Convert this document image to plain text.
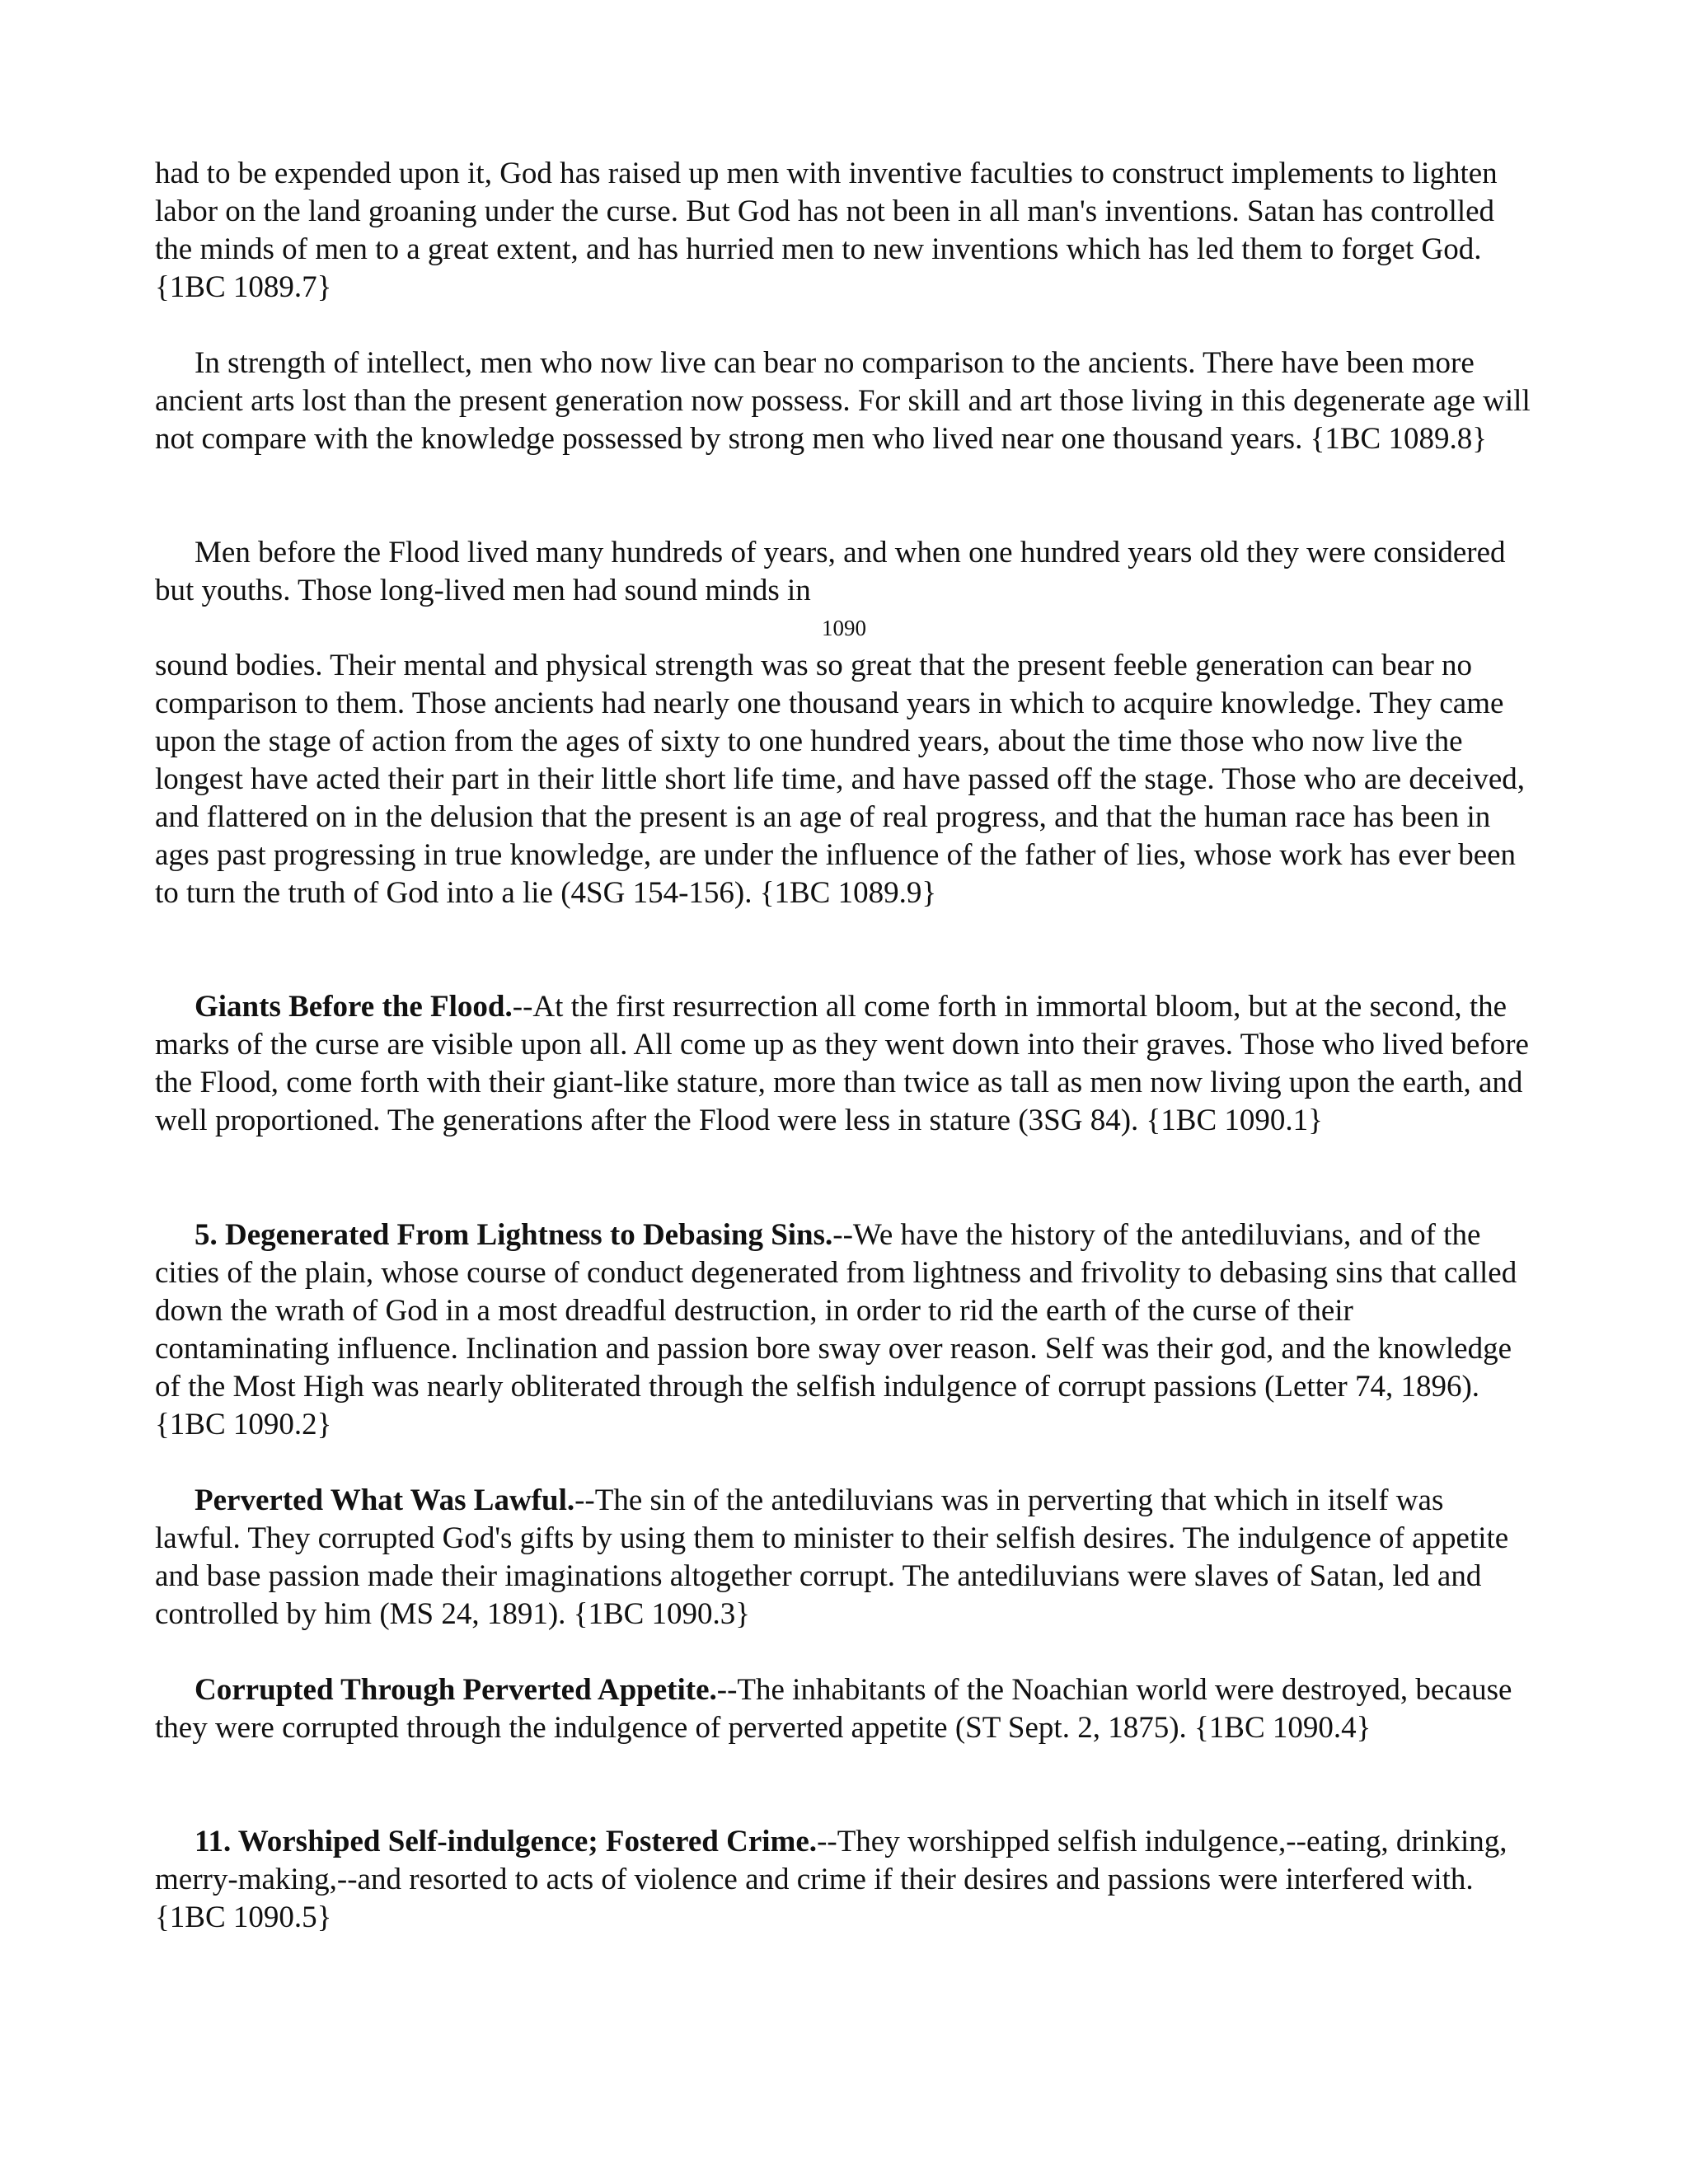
had to be expended upon it, God has raised up men with inventive faculties to construct implements to lighten labor on the land groaning under the curse. But God has not been in all man's inventions. Satan has controlled the minds of men to a great extent, and has hurried men to new inventions which has led them to forget God. {1BC 1089.7}

In strength of intellect, men who now live can bear no comparison to the ancients. There have been more ancient arts lost than the present generation now possess. For skill and art those living in this degenerate age will not compare with the knowledge possessed by strong men who lived near one thousand years. {1BC 1089.8}

Men before the Flood lived many hundreds of years, and when one hundred years old they were considered but youths. Those long-lived men had sound minds in

1090

sound bodies. Their mental and physical strength was so great that the present feeble generation can bear no comparison to them. Those ancients had nearly one thousand years in which to acquire knowledge. They came upon the stage of action from the ages of sixty to one hundred years, about the time those who now live the longest have acted their part in their little short life time, and have passed off the stage. Those who are deceived, and flattered on in the delusion that the present is an age of real progress, and that the human race has been in ages past progressing in true knowledge, are under the influence of the father of lies, whose work has ever been to turn the truth of God into a lie (4SG 154-156). {1BC 1089.9}

Giants Before the Flood.--At the first resurrection all come forth in immortal bloom, but at the second, the marks of the curse are visible upon all. All come up as they went down into their graves. Those who lived before the Flood, come forth with their giant-like stature, more than twice as tall as men now living upon the earth, and well proportioned. The generations after the Flood were less in stature (3SG 84). {1BC 1090.1}

5. Degenerated From Lightness to Debasing Sins.--We have the history of the antediluvians, and of the cities of the plain, whose course of conduct degenerated from lightness and frivolity to debasing sins that called down the wrath of God in a most dreadful destruction, in order to rid the earth of the curse of their contaminating influence. Inclination and passion bore sway over reason. Self was their god, and the knowledge of the Most High was nearly obliterated through the selfish indulgence of corrupt passions (Letter 74, 1896). {1BC 1090.2}

Perverted What Was Lawful.--The sin of the antediluvians was in perverting that which in itself was lawful. They corrupted God's gifts by using them to minister to their selfish desires. The indulgence of appetite and base passion made their imaginations altogether corrupt. The antediluvians were slaves of Satan, led and controlled by him (MS 24, 1891). {1BC 1090.3}

Corrupted Through Perverted Appetite.--The inhabitants of the Noachian world were destroyed, because they were corrupted through the indulgence of perverted appetite (ST Sept. 2, 1875). {1BC 1090.4}

11. Worshiped Self-indulgence; Fostered Crime.--They worshipped selfish indulgence,--eating, drinking, merry-making,--and resorted to acts of violence and crime if their desires and passions were interfered with. {1BC 1090.5}
